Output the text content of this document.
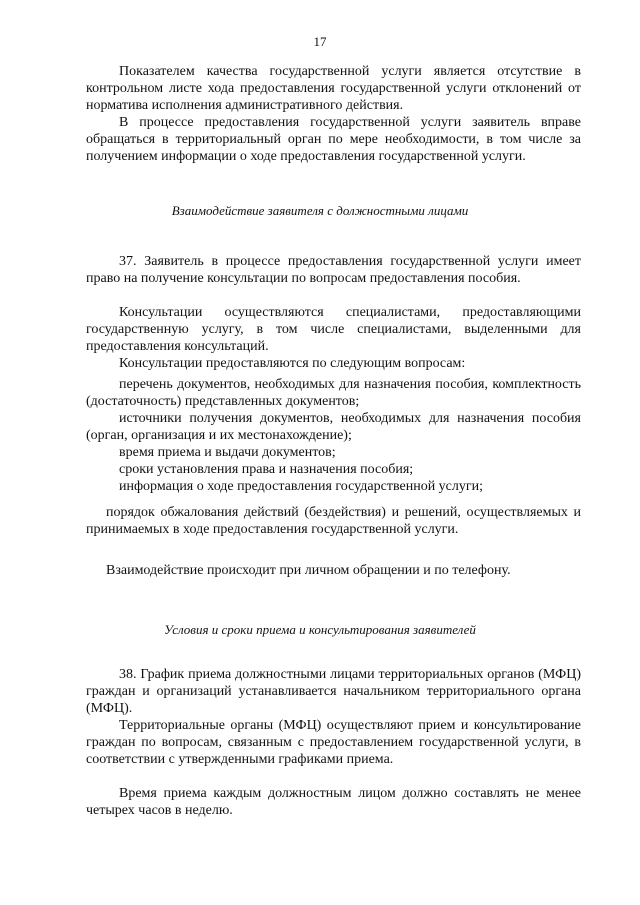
17

Показателем качества государственной услуги является отсутствие в контрольном листе хода предоставления государственной услуги отклонений от норматива исполнения административного действия.

В процессе предоставления государственной услуги заявитель вправе обращаться в территориальный орган по мере необходимости, в том числе за получением информации о ходе предоставления государственной услуги.

Взаимодействие заявителя с должностными лицами

37. Заявитель в процессе предоставления государственной услуги имеет право на получение консультации по вопросам предоставления пособия.

Консультации осуществляются специалистами, предоставляющими государственную услугу, в том числе специалистами, выделенными для предоставления консультаций.

Консультации предоставляются по следующим вопросам:

перечень документов, необходимых для назначения пособия, комплектность (достаточность) представленных документов;

источники получения документов, необходимых для назначения пособия (орган, организация и их местонахождение);

время приема и выдачи документов;

сроки установления права и назначения пособия;

информация о ходе предоставления государственной услуги;

порядок обжалования действий (бездействия) и решений, осуществляемых и принимаемых в ходе предоставления государственной услуги.

Взаимодействие происходит при личном обращении и по телефону.

Условия и сроки приема и консультирования заявителей

38. График приема должностными лицами территориальных органов (МФЦ) граждан и организаций устанавливается начальником территориального органа (МФЦ).

Территориальные органы (МФЦ) осуществляют прием и консультирование граждан по вопросам, связанным с предоставлением государственной услуги, в соответствии с утвержденными графиками приема.

Время приема каждым должностным лицом должно составлять не менее четырех часов в неделю.
